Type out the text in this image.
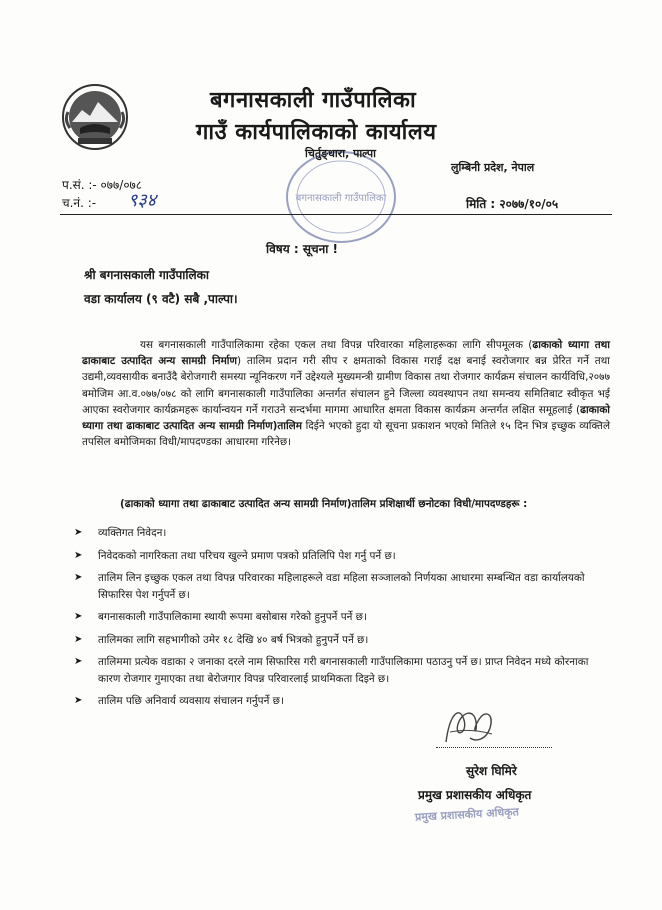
बगनासकाली गाउँपालिका
गाउँ कार्यपालिकाको कार्यालय
बगनासकाली गाउँपालिका
चिर्तुङ्धारा, पाल्पा
लुम्बिनी प्रदेश, नेपाल
प.सं. :- ०७७/०७८
च.नं. :- ९३४	मिति : २०७७/१०/०५
विषय : सूचना !
श्री बगनासकाली गाउँपालिका
वडा कार्यालय (९ वटै) सबै ,पाल्पा।
यस बगनासकाली गाउँपालिकामा रहेका एकल तथा विपन्न परिवारका महिलाहरूका लागि सीपमूलक (ढाकाको ध्यागा तथा ढाकाबाट उत्पादित अन्य सामग्री निर्माण) तालिम प्रदान गरी सीप र क्षमताको विकास गराई दक्ष बनाई स्वरोजगार बन्न प्रेरित गर्ने तथा उद्यमी,व्यवसायीक बनाउँदै बेरोजगारी समस्या न्यूनिकरण गर्ने उद्देश्यले मुख्यमन्त्री ग्रामीण विकास तथा रोजगार कार्यक्रम संचालन कार्यविधि,२०७७ बमोजिम आ.व.०७७/०७८ को लागि बगनासकाली गाउँपालिका अन्तर्गत संचालन हुने जिल्ला व्यवस्थापन तथा समन्वय समितिबाट स्वीकृत भई आएका स्वरोजगार कार्यक्रमहरू कार्यान्वयन गर्ने गराउने सन्दर्भमा मागमा आधारित क्षमता विकास कार्यक्रम अन्तर्गत लक्षित समूहलाई (ढाकाको ध्यागा तथा ढाकाबाट उत्पादित अन्य सामग्री निर्माण)तालिम दिईने भएको हुदा यो सूचना प्रकाशन भएको मितिले १५ दिन भित्र इच्छुक व्यक्तिले तपसिल बमोजिमका विधी/मापदण्डका आधारमा गरिनेछ।
(ढाकाको ध्यागा तथा ढाकाबाट उत्पादित अन्य सामग्री निर्माण)तालिम प्रशिक्षार्थी छनोटका विधी/मापदण्डहरू :
➤ व्यक्तिगत निवेदन।
➤ निवेदकको नागरिकता तथा परिचय खुल्ने प्रमाण पत्रको प्रतिलिपि पेश गर्नु पर्ने छ।
➤ तालिम लिन इच्छुक एकल तथा विपन्न परिवारका महिलाहरूले वडा महिला सञ्जालको निर्णयका आधारमा सम्बन्धित वडा कार्यालयको सिफारिस पेश गर्नुपर्ने छ।
➤ बगनासकाली गाउँपालिकामा स्थायी रूपमा बसोबास गरेको हुनुपर्ने पर्ने छ।
➤ तालिमका लागि सहभागीको उमेर १८ देखि ४० बर्ष भित्रको हुनुपर्ने पर्ने छ।
➤ तालिममा प्रत्येक वडाका २ जनाका दरले नाम सिफारिस गरी बगनासकाली गाउँपालिकामा पठाउनु पर्ने छ। प्राप्त निवेदन मध्ये कोरनाका कारण रोजगार गुमाएका तथा बेरोजगार विपन्न परिवारलाई प्राथमिकता दिइने छ।
➤ तालिम पछि अनिवार्य व्यवसाय संचालन गर्नुपर्ने छ।
सुरेश घिमिरे
प्रमुख प्रशासकीय अधिकृत
प्रमुख प्रशासकीय अधिकृत
